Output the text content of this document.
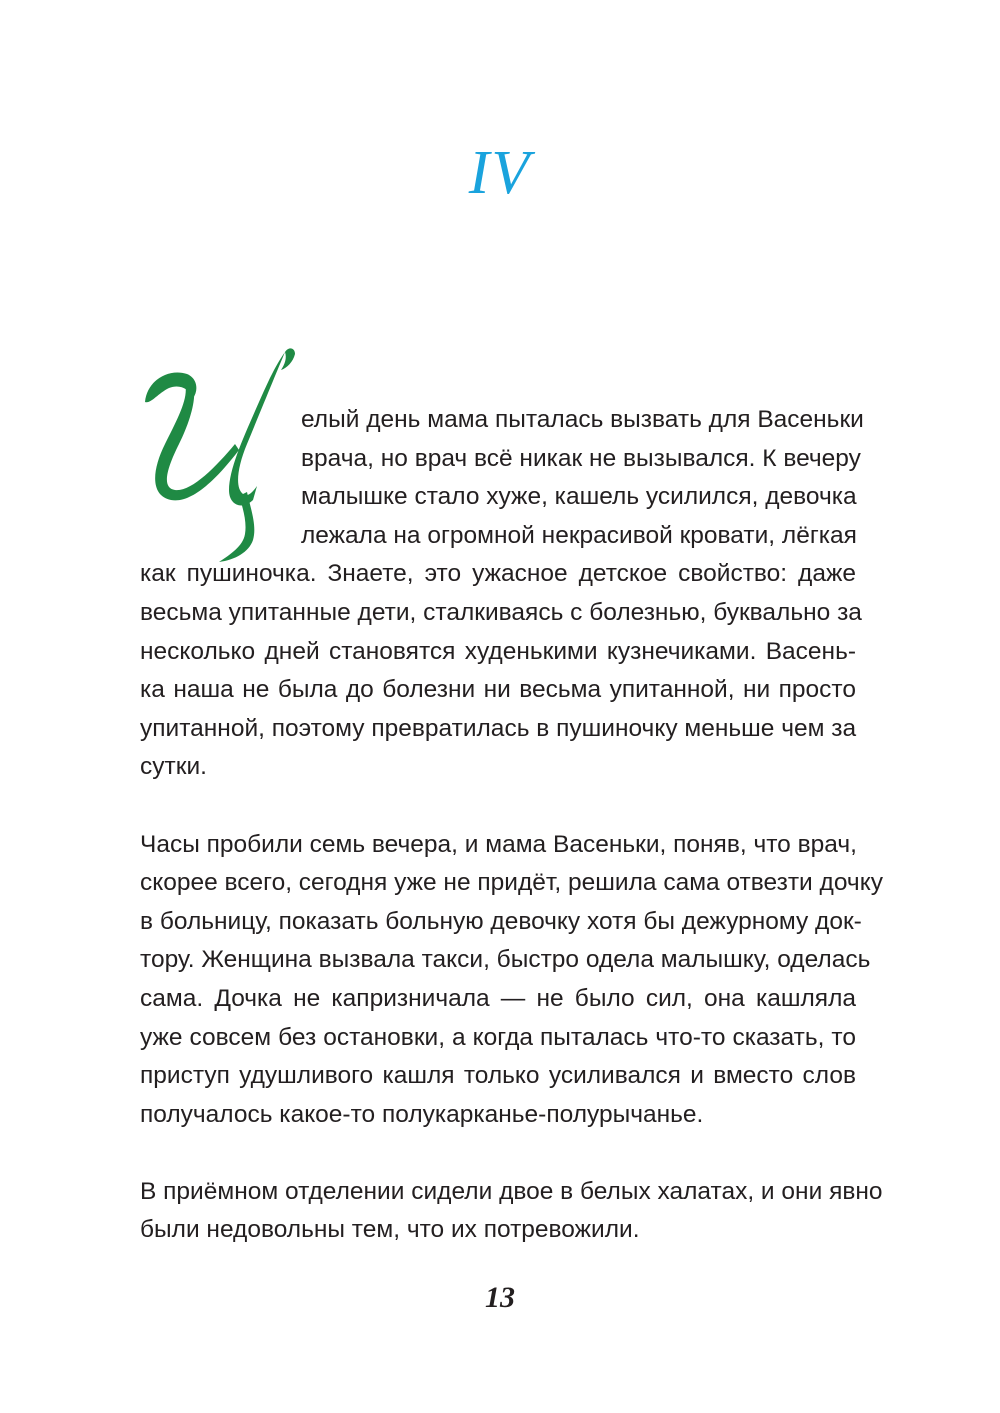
IV
елый день мама пыталась вызвать для Васеньки
врача, но врач всё никак не вызывался. К вечеру
малышке стало хуже, кашель усилился, девочка
лежала на огромной некрасивой кровати, лёгкая
как пушиночка. Знаете, это ужасное детское свойство: даже
весьма упитанные дети, сталкиваясь с болезнью, буквально за
несколько дней становятся худенькими кузнечиками. Васень-
ка наша не была до болезни ни весьма упитанной, ни просто
упитанной, поэтому превратилась в пушиночку меньше чем за
сутки.
Часы пробили семь вечера, и мама Васеньки, поняв, что врач,
скорее всего, сегодня уже не придёт, решила сама отвезти дочку
в больницу, показать больную девочку хотя бы дежурному док-
тору. Женщина вызвала такси, быстро одела малышку, оделась
сама. Дочка не капризничала — не было сил, она кашляла
уже совсем без остановки, а когда пыталась что-то сказать, то
приступ удушливого кашля только усиливался и вместо слов
получалось какое-то полукарканье-полурычанье.
В приёмном отделении сидели двое в белых халатах, и они явно
были недовольны тем, что их потревожили.
13
